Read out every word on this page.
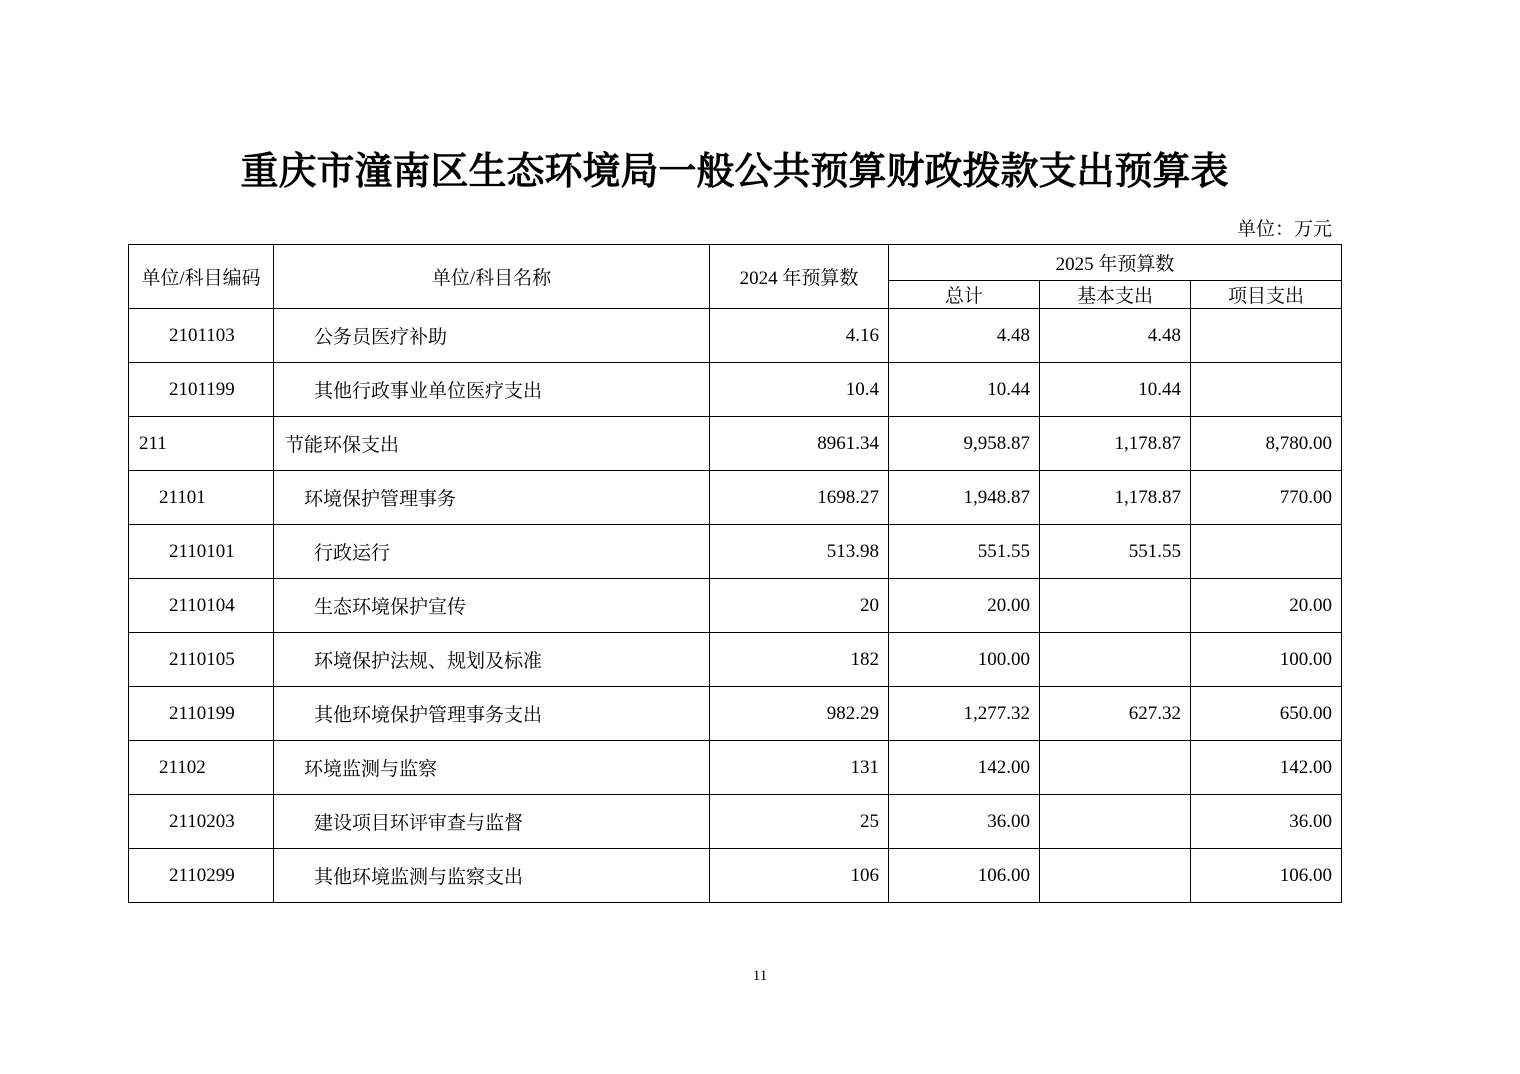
重庆市潼南区生态环境局一般公共预算财政拨款支出预算表
单位：万元
单位/科目编码	单位/科目名称	2024 年预算数	2025 年预算数		
			总计	基本支出	项目支出
2101103	公务员医疗补助	4.16	4.48	4.48	
2101199	其他行政事业单位医疗支出	10.4	10.44	10.44	
211	节能环保支出	8961.34	9,958.87	1,178.87	8,780.00
21101	环境保护管理事务	1698.27	1,948.87	1,178.87	770.00
2110101	行政运行	513.98	551.55	551.55	
2110104	生态环境保护宣传	20	20.00		20.00
2110105	环境保护法规、规划及标准	182	100.00		100.00
2110199	其他环境保护管理事务支出	982.29	1,277.32	627.32	650.00
21102	环境监测与监察	131	142.00		142.00
2110203	建设项目环评审查与监督	25	36.00		36.00
2110299	其他环境监测与监察支出	106	106.00		106.00
11
